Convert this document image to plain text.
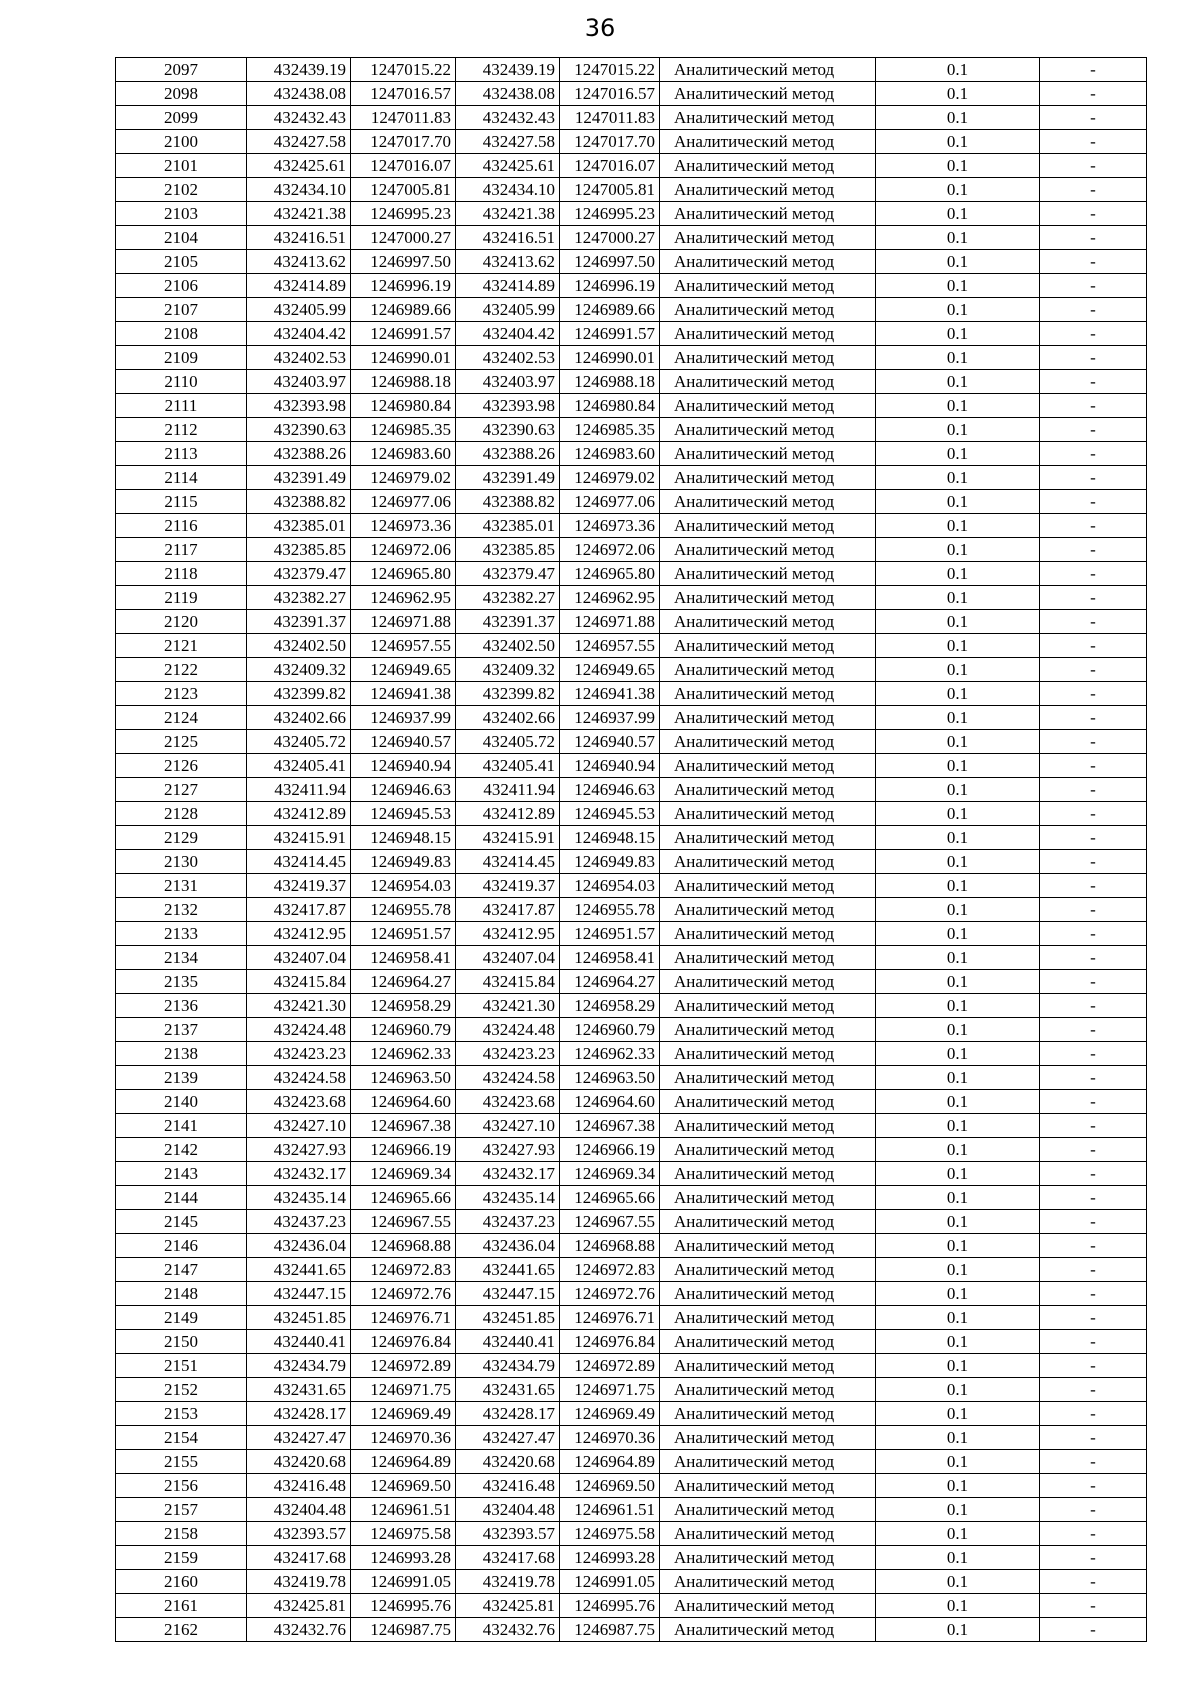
36
2097	432439.19	1247015.22	432439.19	1247015.22	Аналитический метод	0.1	-
2098	432438.08	1247016.57	432438.08	1247016.57	Аналитический метод	0.1	-
2099	432432.43	1247011.83	432432.43	1247011.83	Аналитический метод	0.1	-
2100	432427.58	1247017.70	432427.58	1247017.70	Аналитический метод	0.1	-
2101	432425.61	1247016.07	432425.61	1247016.07	Аналитический метод	0.1	-
2102	432434.10	1247005.81	432434.10	1247005.81	Аналитический метод	0.1	-
2103	432421.38	1246995.23	432421.38	1246995.23	Аналитический метод	0.1	-
2104	432416.51	1247000.27	432416.51	1247000.27	Аналитический метод	0.1	-
2105	432413.62	1246997.50	432413.62	1246997.50	Аналитический метод	0.1	-
2106	432414.89	1246996.19	432414.89	1246996.19	Аналитический метод	0.1	-
2107	432405.99	1246989.66	432405.99	1246989.66	Аналитический метод	0.1	-
2108	432404.42	1246991.57	432404.42	1246991.57	Аналитический метод	0.1	-
2109	432402.53	1246990.01	432402.53	1246990.01	Аналитический метод	0.1	-
2110	432403.97	1246988.18	432403.97	1246988.18	Аналитический метод	0.1	-
2111	432393.98	1246980.84	432393.98	1246980.84	Аналитический метод	0.1	-
2112	432390.63	1246985.35	432390.63	1246985.35	Аналитический метод	0.1	-
2113	432388.26	1246983.60	432388.26	1246983.60	Аналитический метод	0.1	-
2114	432391.49	1246979.02	432391.49	1246979.02	Аналитический метод	0.1	-
2115	432388.82	1246977.06	432388.82	1246977.06	Аналитический метод	0.1	-
2116	432385.01	1246973.36	432385.01	1246973.36	Аналитический метод	0.1	-
2117	432385.85	1246972.06	432385.85	1246972.06	Аналитический метод	0.1	-
2118	432379.47	1246965.80	432379.47	1246965.80	Аналитический метод	0.1	-
2119	432382.27	1246962.95	432382.27	1246962.95	Аналитический метод	0.1	-
2120	432391.37	1246971.88	432391.37	1246971.88	Аналитический метод	0.1	-
2121	432402.50	1246957.55	432402.50	1246957.55	Аналитический метод	0.1	-
2122	432409.32	1246949.65	432409.32	1246949.65	Аналитический метод	0.1	-
2123	432399.82	1246941.38	432399.82	1246941.38	Аналитический метод	0.1	-
2124	432402.66	1246937.99	432402.66	1246937.99	Аналитический метод	0.1	-
2125	432405.72	1246940.57	432405.72	1246940.57	Аналитический метод	0.1	-
2126	432405.41	1246940.94	432405.41	1246940.94	Аналитический метод	0.1	-
2127	432411.94	1246946.63	432411.94	1246946.63	Аналитический метод	0.1	-
2128	432412.89	1246945.53	432412.89	1246945.53	Аналитический метод	0.1	-
2129	432415.91	1246948.15	432415.91	1246948.15	Аналитический метод	0.1	-
2130	432414.45	1246949.83	432414.45	1246949.83	Аналитический метод	0.1	-
2131	432419.37	1246954.03	432419.37	1246954.03	Аналитический метод	0.1	-
2132	432417.87	1246955.78	432417.87	1246955.78	Аналитический метод	0.1	-
2133	432412.95	1246951.57	432412.95	1246951.57	Аналитический метод	0.1	-
2134	432407.04	1246958.41	432407.04	1246958.41	Аналитический метод	0.1	-
2135	432415.84	1246964.27	432415.84	1246964.27	Аналитический метод	0.1	-
2136	432421.30	1246958.29	432421.30	1246958.29	Аналитический метод	0.1	-
2137	432424.48	1246960.79	432424.48	1246960.79	Аналитический метод	0.1	-
2138	432423.23	1246962.33	432423.23	1246962.33	Аналитический метод	0.1	-
2139	432424.58	1246963.50	432424.58	1246963.50	Аналитический метод	0.1	-
2140	432423.68	1246964.60	432423.68	1246964.60	Аналитический метод	0.1	-
2141	432427.10	1246967.38	432427.10	1246967.38	Аналитический метод	0.1	-
2142	432427.93	1246966.19	432427.93	1246966.19	Аналитический метод	0.1	-
2143	432432.17	1246969.34	432432.17	1246969.34	Аналитический метод	0.1	-
2144	432435.14	1246965.66	432435.14	1246965.66	Аналитический метод	0.1	-
2145	432437.23	1246967.55	432437.23	1246967.55	Аналитический метод	0.1	-
2146	432436.04	1246968.88	432436.04	1246968.88	Аналитический метод	0.1	-
2147	432441.65	1246972.83	432441.65	1246972.83	Аналитический метод	0.1	-
2148	432447.15	1246972.76	432447.15	1246972.76	Аналитический метод	0.1	-
2149	432451.85	1246976.71	432451.85	1246976.71	Аналитический метод	0.1	-
2150	432440.41	1246976.84	432440.41	1246976.84	Аналитический метод	0.1	-
2151	432434.79	1246972.89	432434.79	1246972.89	Аналитический метод	0.1	-
2152	432431.65	1246971.75	432431.65	1246971.75	Аналитический метод	0.1	-
2153	432428.17	1246969.49	432428.17	1246969.49	Аналитический метод	0.1	-
2154	432427.47	1246970.36	432427.47	1246970.36	Аналитический метод	0.1	-
2155	432420.68	1246964.89	432420.68	1246964.89	Аналитический метод	0.1	-
2156	432416.48	1246969.50	432416.48	1246969.50	Аналитический метод	0.1	-
2157	432404.48	1246961.51	432404.48	1246961.51	Аналитический метод	0.1	-
2158	432393.57	1246975.58	432393.57	1246975.58	Аналитический метод	0.1	-
2159	432417.68	1246993.28	432417.68	1246993.28	Аналитический метод	0.1	-
2160	432419.78	1246991.05	432419.78	1246991.05	Аналитический метод	0.1	-
2161	432425.81	1246995.76	432425.81	1246995.76	Аналитический метод	0.1	-
2162	432432.76	1246987.75	432432.76	1246987.75	Аналитический метод	0.1	-
